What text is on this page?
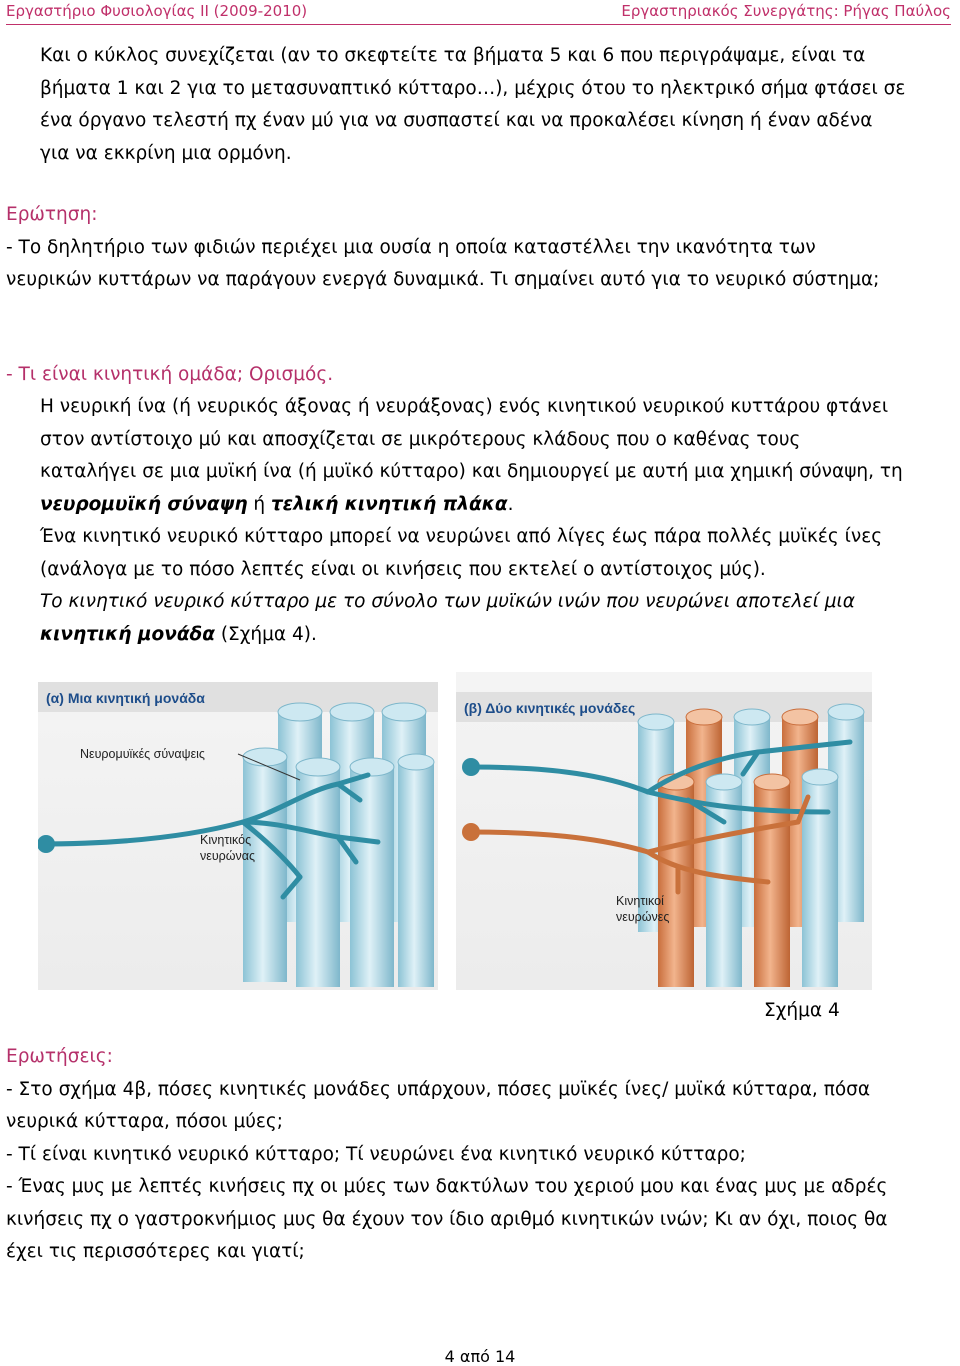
Εργαστήριο Φυσιολογίας ΙΙ (2009-2010)	Εργαστηριακός Συνεργάτης: Ρήγας Παύλος
Και ο κύκλος συνεχίζεται (αν το σκεφτείτε τα βήματα 5 και 6 που περιγράψαμε, είναι τα
βήματα 1 και 2 για το μετασυναπτικό κύτταρο…), μέχρις ότου το ηλεκτρικό σήμα φτάσει σε
ένα όργανο τελεστή πχ έναν μύ για να συσπαστεί και να προκαλέσει κίνηση ή έναν αδένα
για να εκκρίνη μια ορμόνη.
Ερώτηση:
- Το δηλητήριο των φιδιών περιέχει μια ουσία η οποία καταστέλλει την ικανότητα των
νευρικών κυττάρων να παράγουν ενεργά δυναμικά. Τι σημαίνει αυτό για το νευρικό σύστημα;
- Τι είναι κινητική ομάδα; Ορισμός.
Η νευρική ίνα (ή νευρικός άξονας ή νευράξονας) ενός κινητικού νευρικού κυττάρου φτάνει
στον αντίστοιχο μύ και αποσχίζεται σε μικρότερους κλάδους που ο καθένας τους
καταλήγει σε μια μυϊκή ίνα (ή μυϊκό κύτταρο) και δημιουργεί με αυτή μια χημική σύναψη, τη
νευρομυϊκή σύναψη ή τελική κινητική πλάκα.
Ένα κινητικό νευρικό κύτταρο μπορεί να νευρώνει από λίγες έως πάρα πολλές μυϊκές ίνες
(ανάλογα με το πόσο λεπτές είναι οι κινήσεις που εκτελεί ο αντίστοιχος μύς).
Το κινητικό νευρικό κύτταρο με το σύνολο των μυϊκών ινών που νευρώνει αποτελεί μια
κινητική μονάδα (Σχήμα 4).
(α) Μια κινητική μονάδα
Νευρομυϊκές σύναψεις
Κινητικός
νευρώνας
(β) Δύο κινητικές μονάδες
Κινητικοί
νευρώνες
Σχήμα 4
Ερωτήσεις:
- Στο σχήμα 4β, πόσες κινητικές μονάδες υπάρχουν, πόσες μυϊκές ίνες/ μυϊκά κύτταρα, πόσα
νευρικά κύτταρα, πόσοι μύες;
- Τί είναι κινητικό νευρικό κύτταρο; Τί νευρώνει ένα κινητικό νευρικό κύτταρο;
- Ένας μυς με λεπτές κινήσεις πχ οι μύες των δακτύλων του χεριού μου και ένας μυς με αδρές
κινήσεις πχ ο γαστροκνήμιος μυς θα έχουν τον ίδιο αριθμό κινητικών ινών; Κι αν όχι, ποιος θα
έχει τις περισσότερες και γιατί;
4 από 14
